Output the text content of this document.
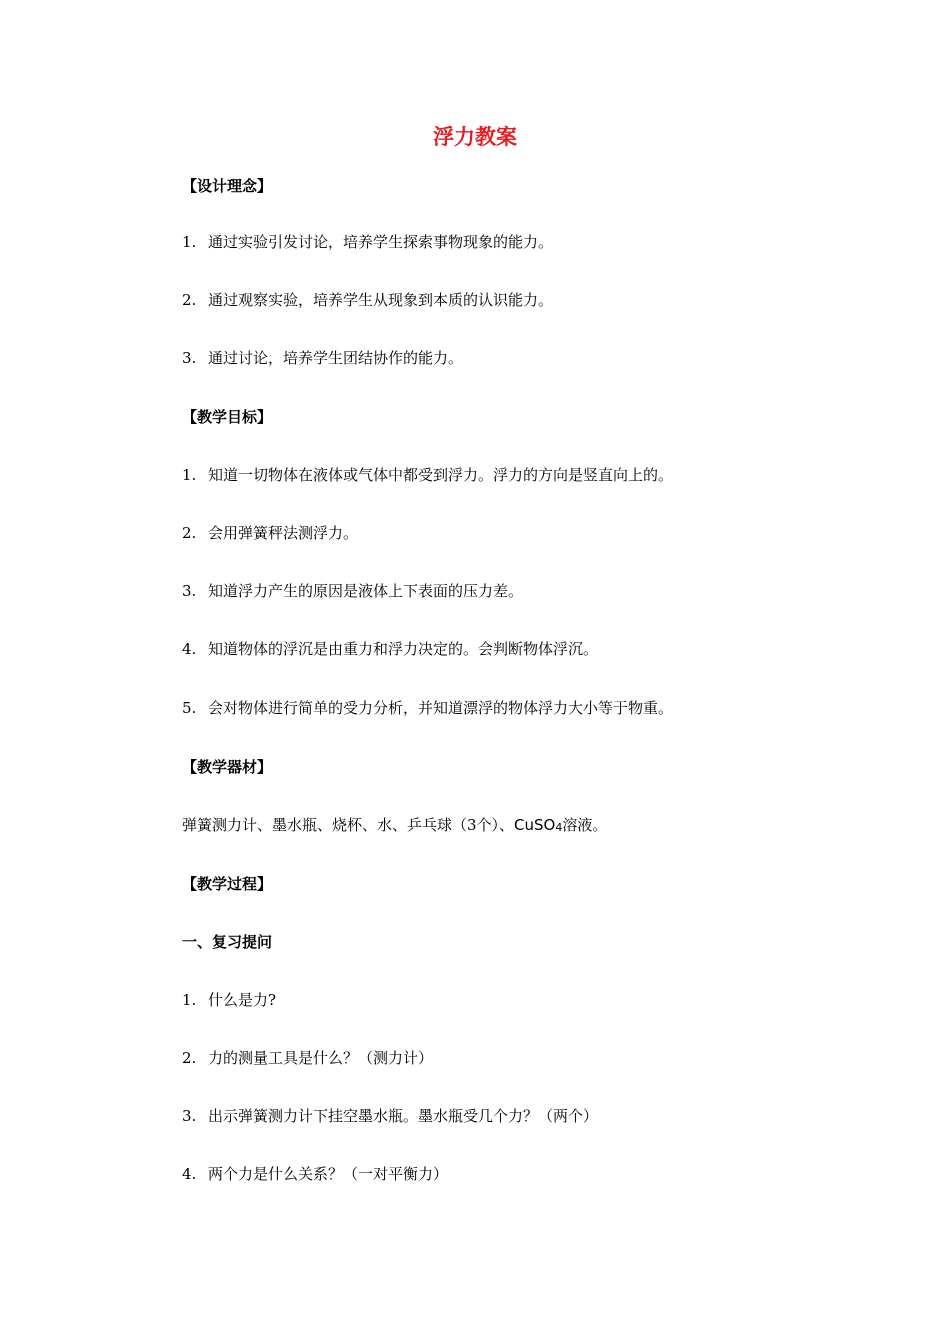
浮力教案
【设计理念】
1. 通过实验引发讨论，培养学生探索事物现象的能力。
2. 通过观察实验，培养学生从现象到本质的认识能力。
3. 通过讨论，培养学生团结协作的能力。
【教学目标】
1. 知道一切物体在液体或气体中都受到浮力。浮力的方向是竖直向上的。
2. 会用弹簧秤法测浮力。
3. 知道浮力产生的原因是液体上下表面的压力差。
4. 知道物体的浮沉是由重力和浮力决定的。会判断物体浮沉。
5. 会对物体进行简单的受力分析，并知道漂浮的物体浮力大小等于物重。
【教学器材】
弹簧测力计、墨水瓶、烧杯、水、乒乓球（3个）、CuSO$_4$溶液。
【教学过程】
一、复习提问
1. 什么是力?
2. 力的测量工具是什么？（测力计）
3. 出示弹簧测力计下挂空墨水瓶。墨水瓶受几个力？（两个）
4. 两个力是什么关系？（一对平衡力）
